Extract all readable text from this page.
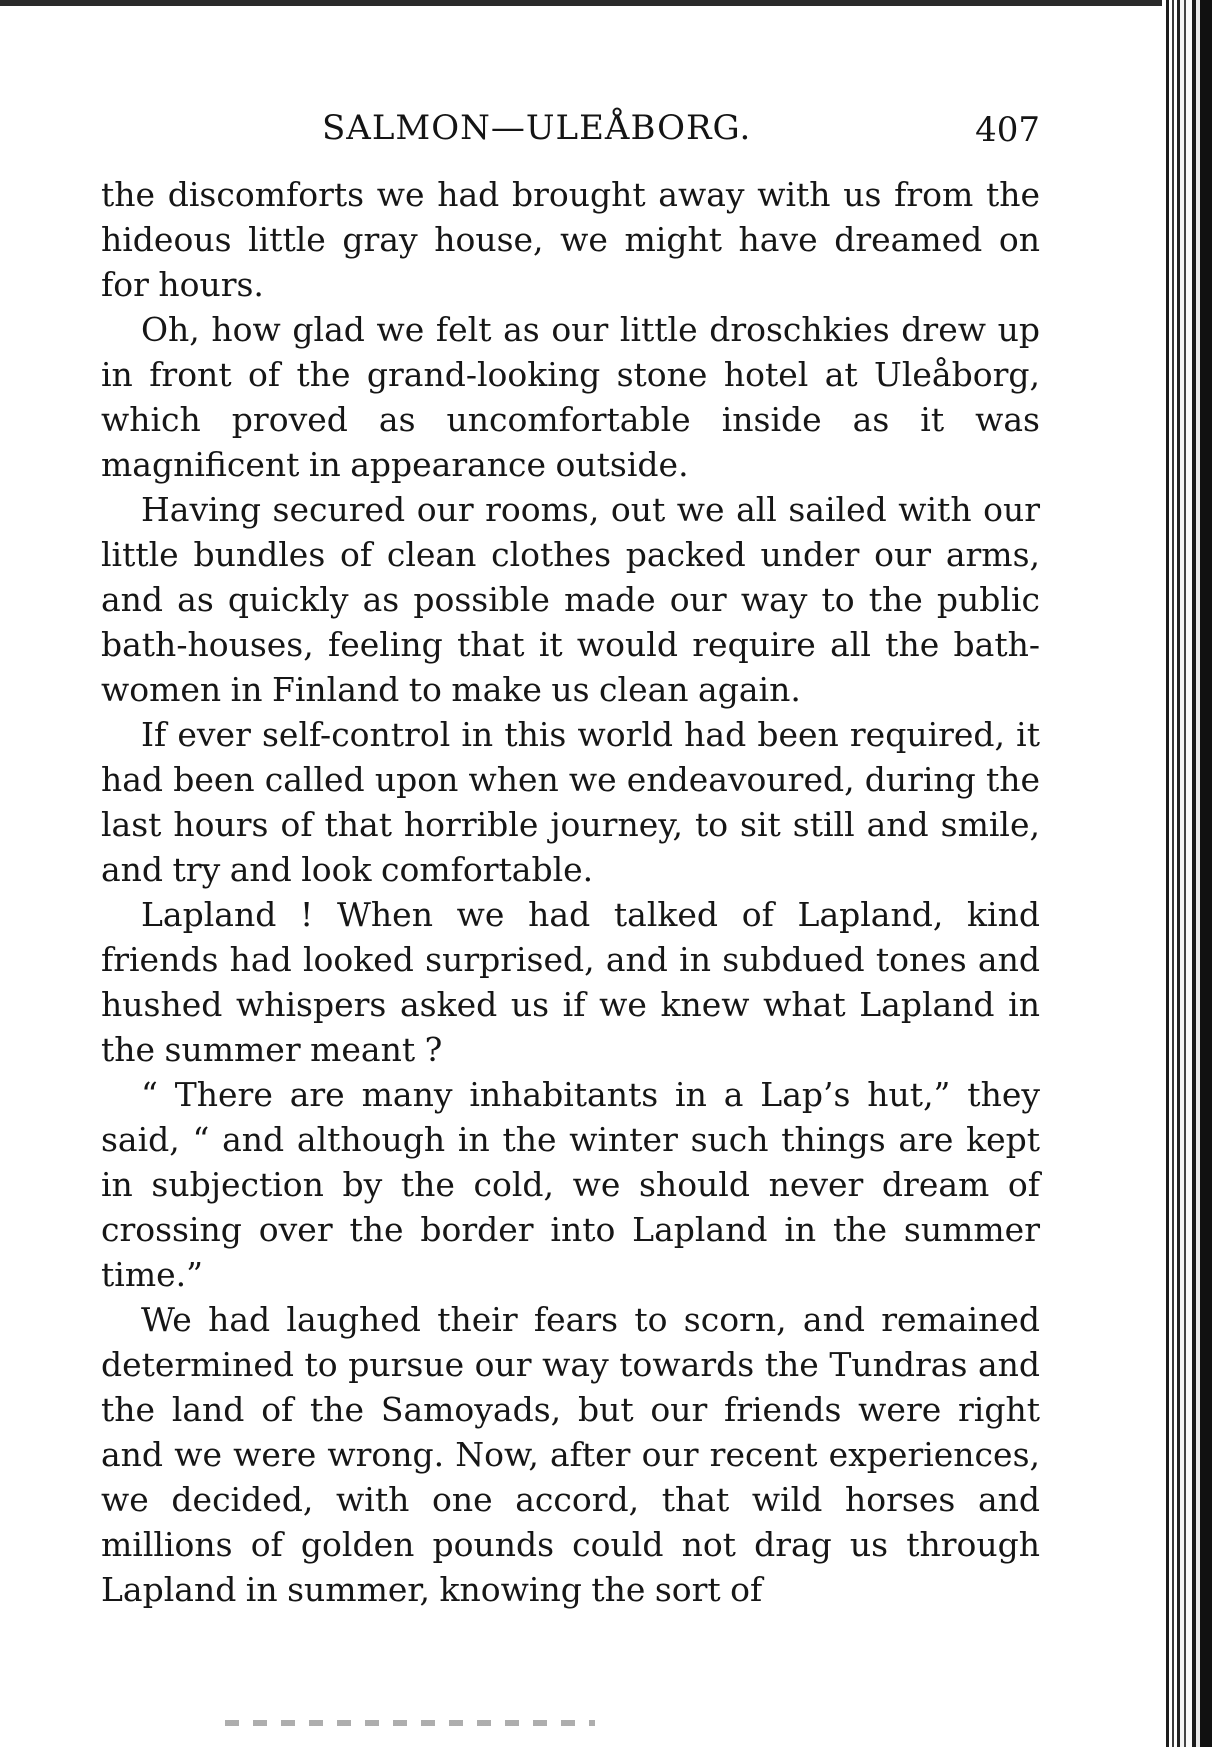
SALMON—ULEÅBORG.	407

the discomforts we had brought away with us from the hideous little gray house, we might have dreamed on for hours.

Oh, how glad we felt as our little droschkies drew up in front of the grand-looking stone hotel at Uleåborg, which proved as uncomfortable inside as it was magnificent in appearance outside.

Having secured our rooms, out we all sailed with our little bundles of clean clothes packed under our arms, and as quickly as possible made our way to the public bath-houses, feeling that it would require all the bath-women in Finland to make us clean again.

If ever self-control in this world had been required, it had been called upon when we endeavoured, during the last hours of that horrible journey, to sit still and smile, and try and look comfortable.

Lapland ! When we had talked of Lapland, kind friends had looked surprised, and in subdued tones and hushed whispers asked us if we knew what Lapland in the summer meant ?

“ There are many inhabitants in a Lap’s hut,” they said, “ and although in the winter such things are kept in subjection by the cold, we should never dream of crossing over the border into Lapland in the summer time.”

We had laughed their fears to scorn, and remained determined to pursue our way towards the Tundras and the land of the Samoyads, but our friends were right and we were wrong. Now, after our recent experiences, we decided, with one accord, that wild horses and millions of golden pounds could not drag us through Lapland in summer, knowing the sort of
